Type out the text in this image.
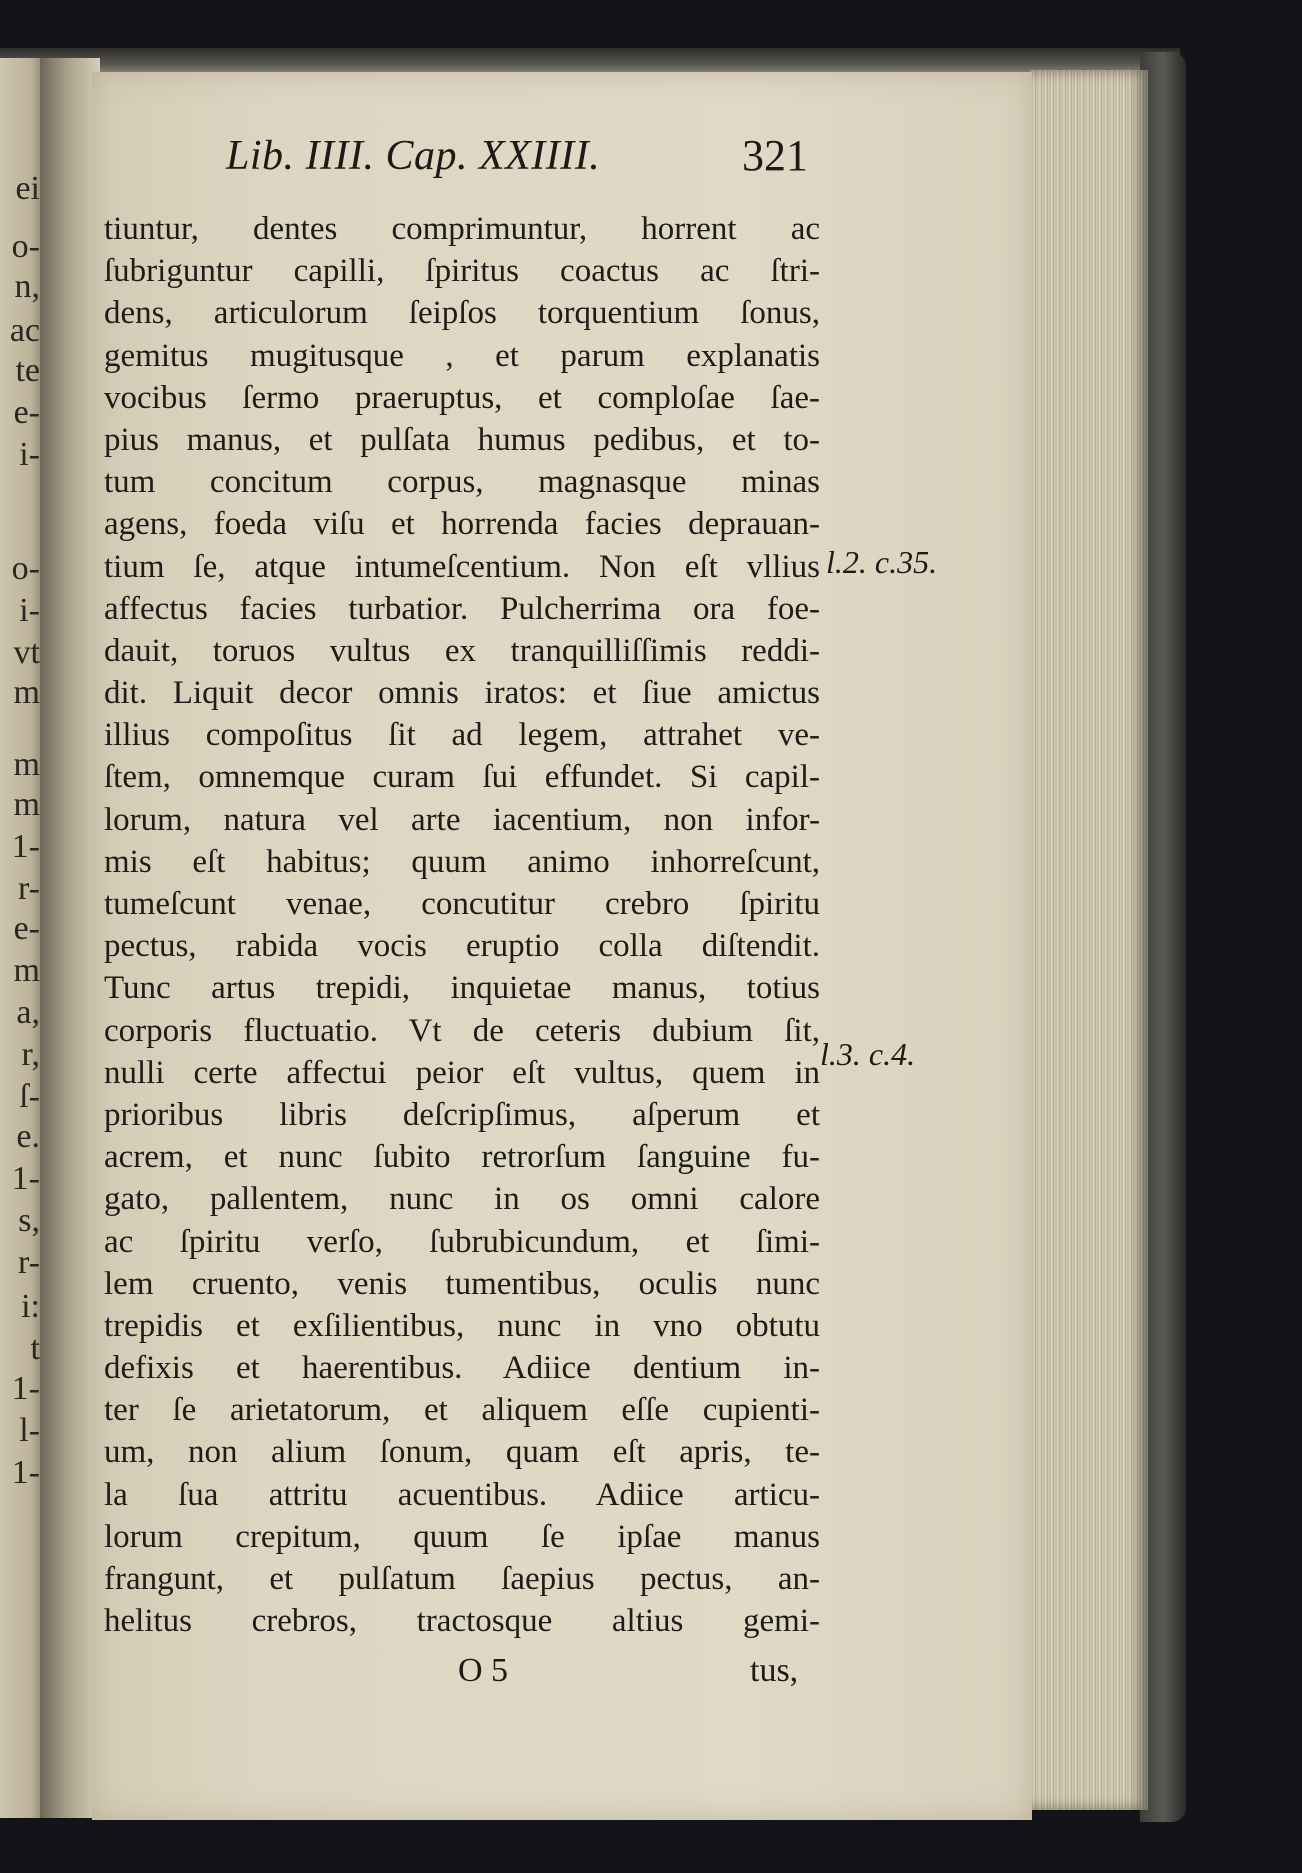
ei
o-
n,
ac
te
e-
i-
o-
i-
vt
m
m
m
1-
r-
e-
m
a,
r,
ſ-
e.
1-
s,
r-
i:
t
1-
l-
1-
Lib. IIII. Cap. XXIIII.	321
tiuntur, dentes comprimuntur, horrent ac
ſubriguntur capilli, ſpiritus coactus ac ſtri-
dens, articulorum ſeipſos torquentium ſonus,
gemitus mugitusque , et parum explanatis
vocibus ſermo praeruptus, et comploſae ſae-
pius manus, et pulſata humus pedibus, et to-
tum concitum corpus, magnasque minas
agens, foeda viſu et horrenda facies deprauan-
tium ſe, atque intumeſcentium. Non eſt vllius
affectus facies turbatior. Pulcherrima ora foe-
dauit, toruos vultus ex tranquilliſſimis reddi-
dit. Liquit decor omnis iratos: et ſiue amictus
illius compoſitus ſit ad legem, attrahet ve-
ſtem, omnemque curam ſui effundet. Si capil-
lorum, natura vel arte iacentium, non infor-
mis eſt habitus; quum animo inhorreſcunt,
tumeſcunt venae, concutitur crebro ſpiritu
pectus, rabida vocis eruptio colla diſtendit.
Tunc artus trepidi, inquietae manus, totius
corporis fluctuatio. Vt de ceteris dubium ſit,
nulli certe affectui peior eſt vultus, quem in
prioribus libris deſcripſimus, aſperum et
acrem, et nunc ſubito retrorſum ſanguine fu-
gato, pallentem, nunc in os omni calore
ac ſpiritu verſo, ſubrubicundum, et ſimi-
lem cruento, venis tumentibus, oculis nunc
trepidis et exſilientibus, nunc in vno obtutu
defixis et haerentibus. Adiice dentium in-
ter ſe arietatorum, et aliquem eſſe cupienti-
um, non alium ſonum, quam eſt apris, te-
la ſua attritu acuentibus. Adiice articu-
lorum crepitum, quum ſe ipſae manus
frangunt, et pulſatum ſaepius pectus, an-
helitus crebros, tractosque altius gemi-
l.2. c.35.
l.3. c.4.
O 5	tus,
